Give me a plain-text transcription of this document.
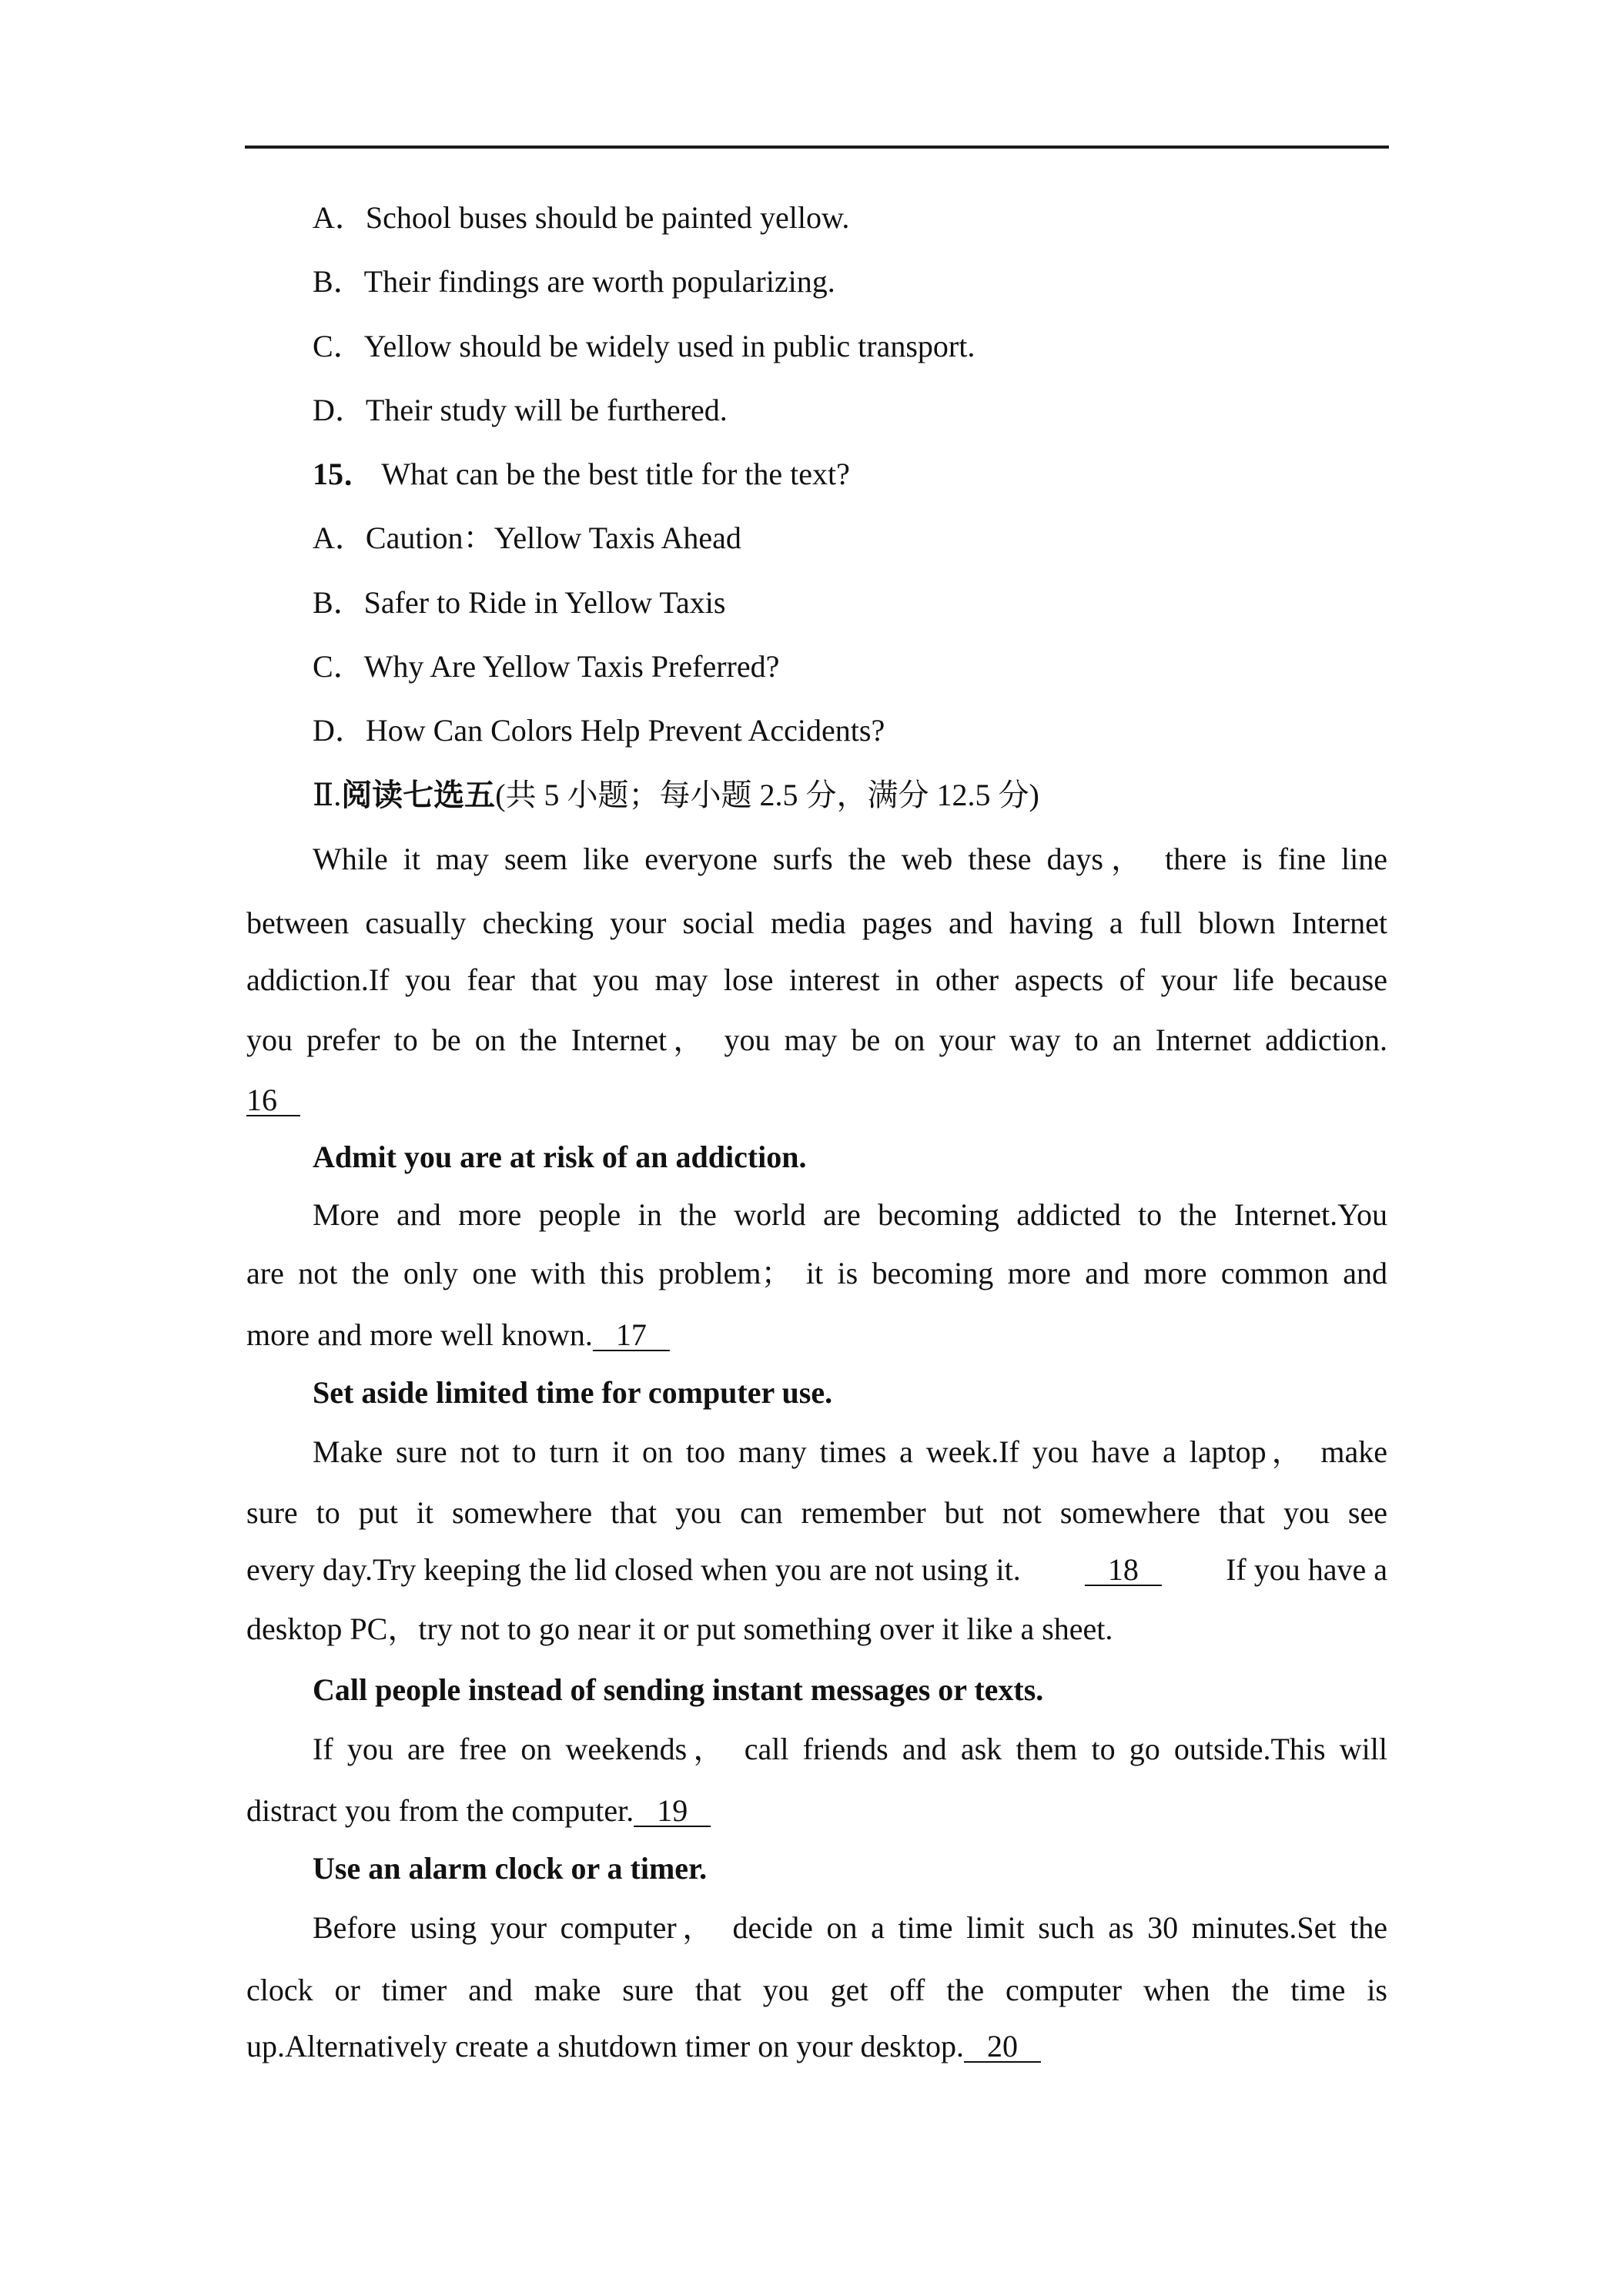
A．School buses should be painted yellow.
B．Their findings are worth popularizing.
C．Yellow should be widely used in public transport.
D．Their study will be furthered.
15． What can be the best title for the text?
A．Caution：Yellow Taxis Ahead
B．Safer to Ride in Yellow Taxis
C．Why Are Yellow Taxis Preferred?
D．How Can Colors Help Prevent Accidents?
Ⅱ.阅读七选五(共 5 小题；每小题 2.5 分，满分 12.5 分)
While it may seem like everyone surfs the web these days， there is fine line
between casually checking your social media pages and having a full blown Internet
addiction.If you fear that you may lose interest in other aspects of your life because
you prefer to be on the Internet， you may be on your way to an Internet addiction.
16
Admit you are at risk of an addiction.
More and more people in the world are becoming addicted to the Internet.You
are not the only one with this problem； it is becoming more and more common and
more and more well known.   17
Set aside limited time for computer use.
Make sure not to turn it on too many times a week.If you have a laptop， make
sure to put it somewhere that you can remember but not somewhere that you see
every day.Try keeping the lid closed when you are not using it. 18 If you have a
desktop PC，try not to go near it or put something over it like a sheet.
Call people instead of sending instant messages or texts.
If you are free on weekends， call friends and ask them to go outside.This will
distract you from the computer.   19
Use an alarm clock or a timer.
Before using your computer， decide on a time limit such as 30 minutes.Set the
clock or timer and make sure that you get off the computer when the time is
up.Alternatively create a shutdown timer on your desktop.   20
